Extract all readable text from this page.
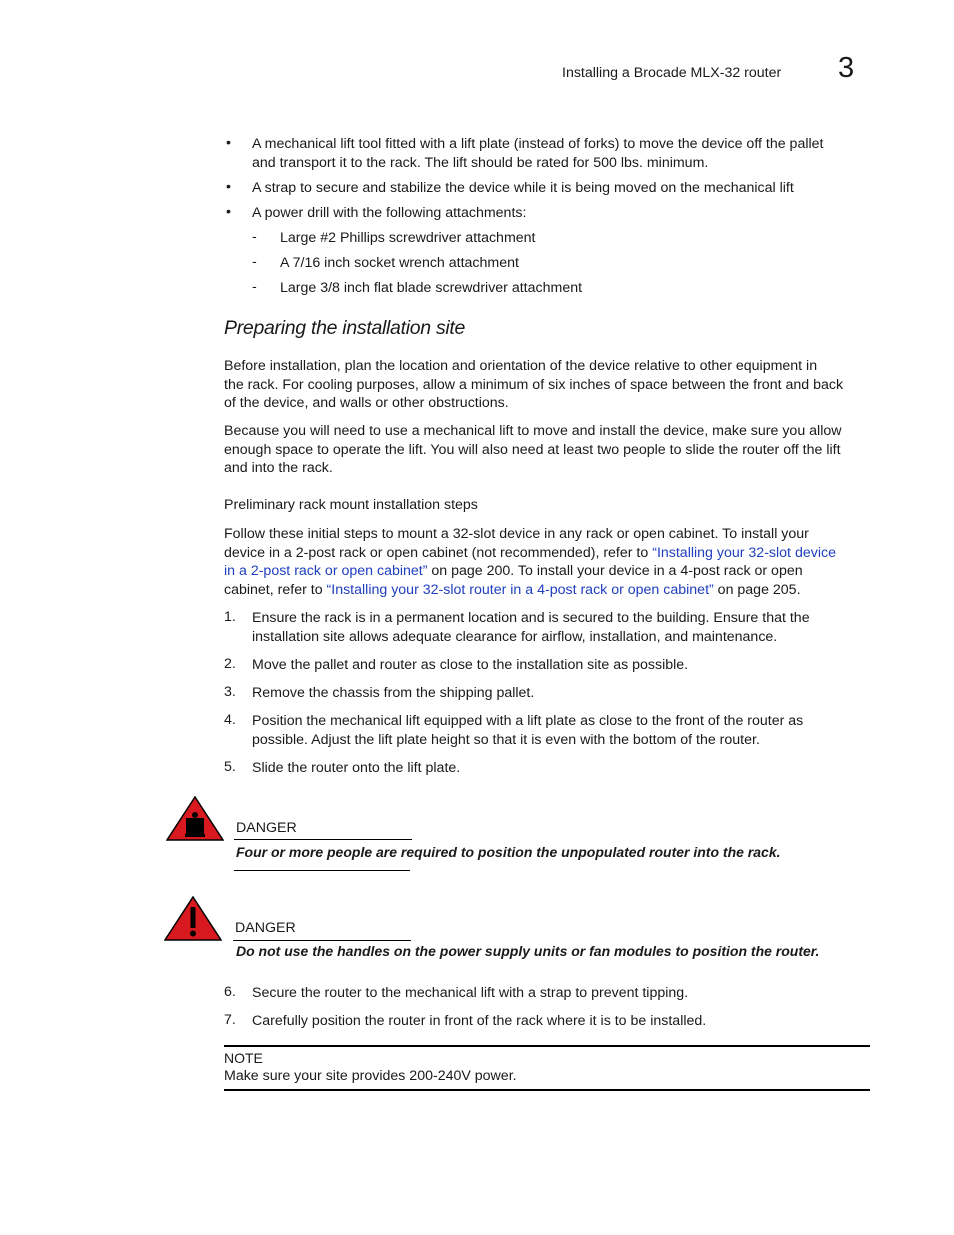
Installing a Brocade MLX-32 router 3
•	A mechanical lift tool fitted with a lift plate (instead of forks) to move the device off the pallet
and transport it to the rack. The lift should be rated for 500 lbs. minimum.
•	A strap to secure and stabilize the device while it is being moved on the mechanical lift
•	A power drill with the following attachments:
- Large #2 Phillips screwdriver attachment
- A 7/16 inch socket wrench attachment
- Large 3/8 inch flat blade screwdriver attachment
Preparing the installation site
Before installation, plan the location and orientation of the device relative to other equipment in
the rack. For cooling purposes, allow a minimum of six inches of space between the front and back
of the device, and walls or other obstructions.
Because you will need to use a mechanical lift to move and install the device, make sure you allow
enough space to operate the lift. You will also need at least two people to slide the router off the lift
and into the rack.
Preliminary rack mount installation steps
Follow these initial steps to mount a 32-slot device in any rack or open cabinet. To install your
device in a 2-post rack or open cabinet (not recommended), refer to “Installing your 32-slot device
in a 2-post rack or open cabinet” on page 200. To install your device in a 4-post rack or open
cabinet, refer to “Installing your 32-slot router in a 4-post rack or open cabinet” on page 205.
1. Ensure the rack is in a permanent location and is secured to the building. Ensure that the
installation site allows adequate clearance for airflow, installation, and maintenance.
2. Move the pallet and router as close to the installation site as possible.
3. Remove the chassis from the shipping pallet.
4. Position the mechanical lift equipped with a lift plate as close to the front of the router as
possible. Adjust the lift plate height so that it is even with the bottom of the router.
5. Slide the router onto the lift plate.
DANGER
Four or more people are required to position the unpopulated router into the rack.
DANGER
Do not use the handles on the power supply units or fan modules to position the router.
6. Secure the router to the mechanical lift with a strap to prevent tipping.
7. Carefully position the router in front of the rack where it is to be installed.
NOTE
Make sure your site provides 200-240V power.
